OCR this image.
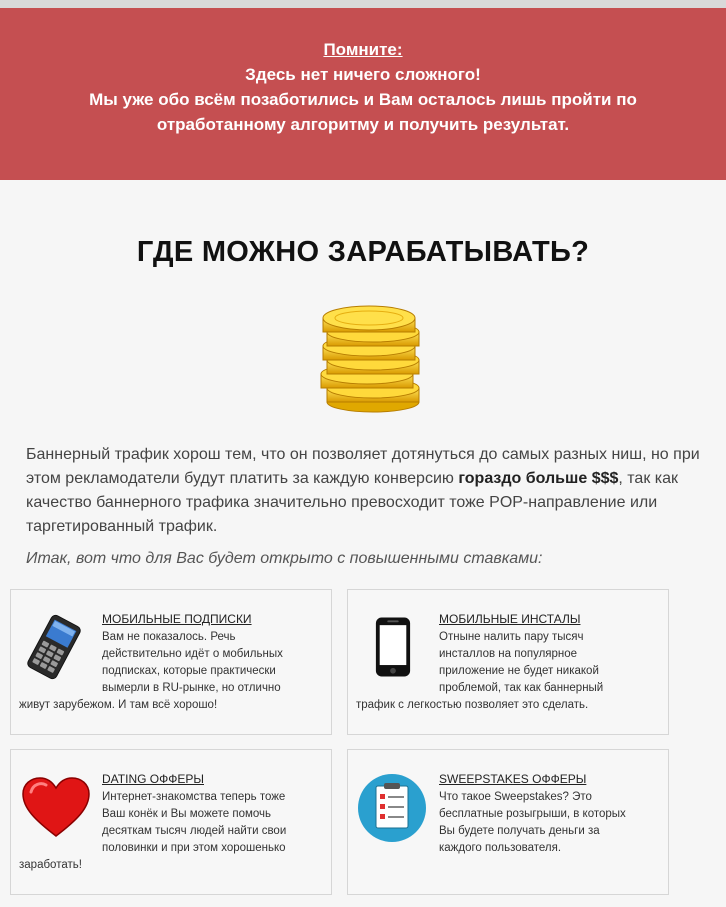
Помните:
Здесь нет ничего сложного!
Мы уже обо всём позаботились и Вам осталось лишь пройти по
отработанному алгоритму и получить результат.
ГДЕ МОЖНО ЗАРАБАТЫВАТЬ?
Баннерный трафик хорош тем, что он позволяет дотянуться до самых разных ниш, но при этом рекламодатели будут платить за каждую конверсию гораздо больше $$$, так как качество баннерного трафика значительно превосходит тоже POP-направление или таргетированный трафик.
Итак, вот что для Вас будет открыто с повышенными ставками:
МОБИЛЬНЫЕ ПОДПИСКИ
Вам не показалось. Речь
действительно идёт о мобильных
подписках, которые практически
вымерли в RU-рынке, но отлично
живут зарубежом. И там всё хорошо!
МОБИЛЬНЫЕ ИНСТАЛЫ
Отныне налить пару тысяч
инсталлов на популярное
приложение не будет никакой
проблемой, так как баннерный
трафик с легкостью позволяет это сделать.
DATING ОФФЕРЫ
Интернет-знакомства теперь тоже
Ваш конёк и Вы можете помочь
десяткам тысяч людей найти свои
половинки и при этом хорошенько
заработать!
SWEEPSTAKES ОФФЕРЫ
Что такое Sweepstakes? Это
бесплатные розыгрыши, в которых
Вы будете получать деньги за
каждого пользователя.
